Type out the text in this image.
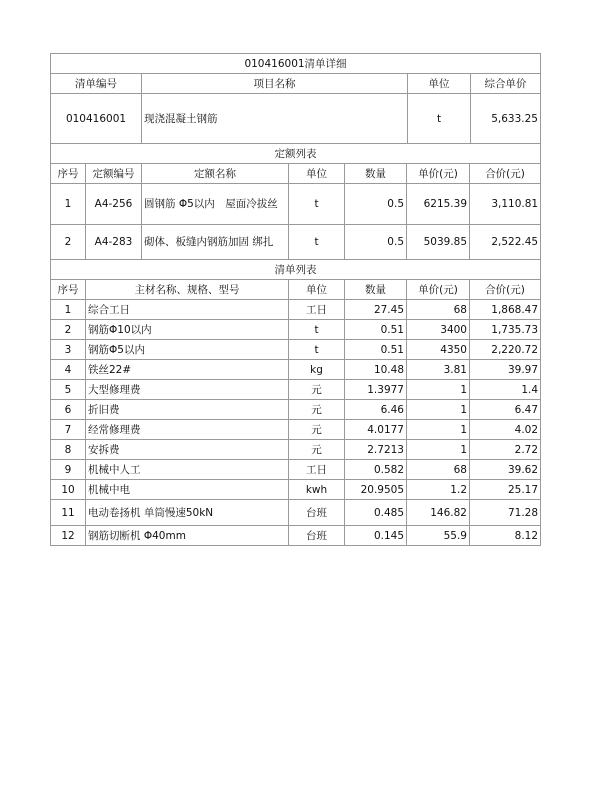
010416001清单详细			
清单编号	项目名称	单位	综合单价
010416001	现浇混凝土钢筋	t	5,633.25
定额列表						
序号	定额编号	定额名称	单位	数量	单价(元)	合价(元)
1	A4-256	圆钢筋 Φ5以内　屋面冷拔丝	t	0.5	6215.39	3,110.81
2	A4-283	砌体、板缝内钢筋加固 绑扎	t	0.5	5039.85	2,522.45
清单列表					
序号	主材名称、规格、型号	单位	数量	单价(元)	合价(元)
1	综合工日	工日	27.45	68	1,868.47
2	钢筋Φ10以内	t	0.51	3400	1,735.73
3	钢筋Φ5以内	t	0.51	4350	2,220.72
4	铁丝22#	kg	10.48	3.81	39.97
5	大型修理费	元	1.3977	1	1.4
6	折旧费	元	6.46	1	6.47
7	经常修理费	元	4.0177	1	4.02
8	安拆费	元	2.7213	1	2.72
9	机械中人工	工日	0.582	68	39.62
10	机械中电	kwh	20.9505	1.2	25.17
11	电动卷扬机 单筒慢速50kN	台班	0.485	146.82	71.28
12	钢筋切断机 Φ40mm	台班	0.145	55.9	8.12
